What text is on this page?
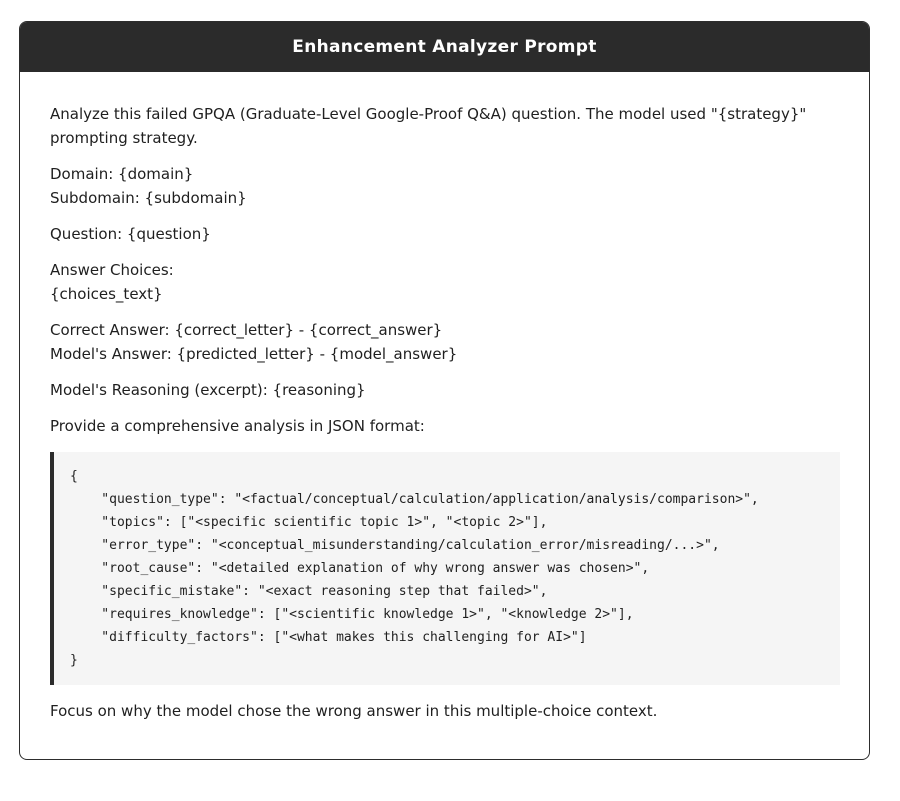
Enhancement Analyzer Prompt

Analyze this failed GPQA (Graduate-Level Google-Proof Q&A) question. The model used "{strategy}"
prompting strategy.

Domain: {domain}
Subdomain: {subdomain}

Question: {question}

Answer Choices:
{choices_text}

Correct Answer: {correct_letter} - {correct_answer}
Model's Answer: {predicted_letter} - {model_answer}

Model's Reasoning (excerpt): {reasoning}

Provide a comprehensive analysis in JSON format:

{
"question_type": "<factual/conceptual/calculation/application/analysis/comparison>",
"topics": ["<specific scientific topic 1>", "<topic 2>"],
"error_type": "<conceptual_misunderstanding/calculation_error/misreading/...>",
"root_cause": "<detailed explanation of why wrong answer was chosen>",
"specific_mistake": "<exact reasoning step that failed>",
"requires_knowledge": ["<scientific knowledge 1>", "<knowledge 2>"],
"difficulty_factors": ["<what makes this challenging for AI>"]
}

Focus on why the model chose the wrong answer in this multiple-choice context.
